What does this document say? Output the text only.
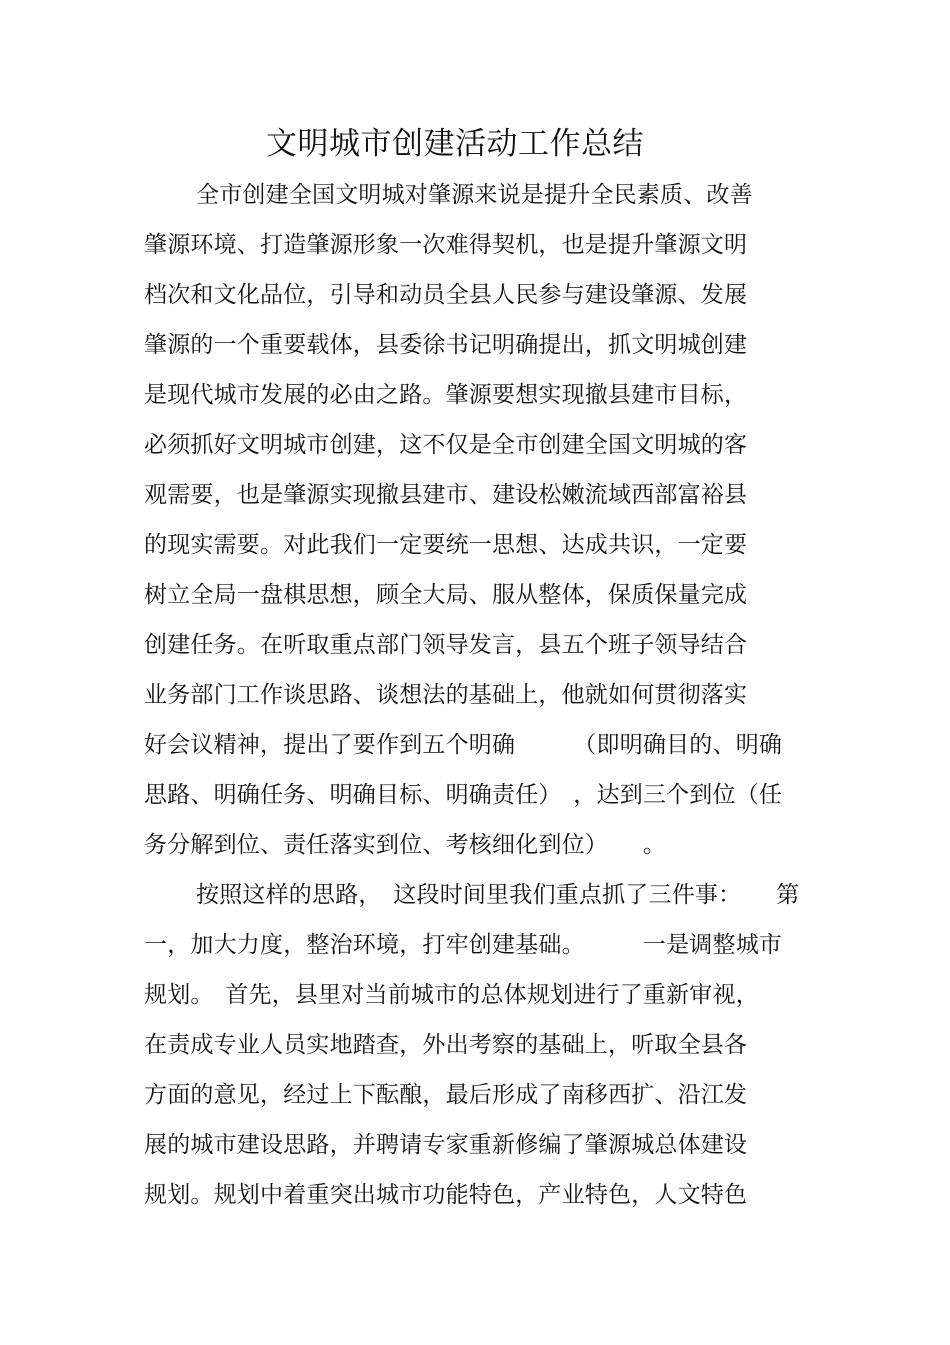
文明城市创建活动工作总结
全市创建全国文明城对肇源来说是提升全民素质、改善
肇源环境、打造肇源形象一次难得契机，也是提升肇源文明
档次和文化品位，引导和动员全县人民参与建设肇源、发展
肇源的一个重要载体，县委徐书记明确提出，抓文明城创建
是现代城市发展的必由之路。肇源要想实现撤县建市目标，
必须抓好文明城市创建，这不仅是全市创建全国文明城的客
观需要，也是肇源实现撤县建市、建设松嫩流域西部富裕县
的现实需要。对此我们一定要统一思想、达成共识，一定要
树立全局一盘棋思想，顾全大局、服从整体，保质保量完成
创建任务。在听取重点部门领导发言，县五个班子领导结合
业务部门工作谈思路、谈想法的基础上，他就如何贯彻落实
好会议精神，提出了要作到五个明确　　　（即明确目的、明确
思路、明确任务、明确目标、明确责任）　，达到三个到位（任
务分解到位、责任落实到位、考核细化到位）　　。
按照这样的思路，　这段时间里我们重点抓了三件事：　　第
一，加大力度，整治环境，打牢创建基础。　　　一是调整城市
规划。　首先，县里对当前城市的总体规划进行了重新审视，
在责成专业人员实地踏查，外出考察的基础上，听取全县各
方面的意见，经过上下酝酿，最后形成了南移西扩、沿江发
展的城市建设思路，并聘请专家重新修编了肇源城总体建设
规划。规划中着重突出城市功能特色，产业特色，人文特色
